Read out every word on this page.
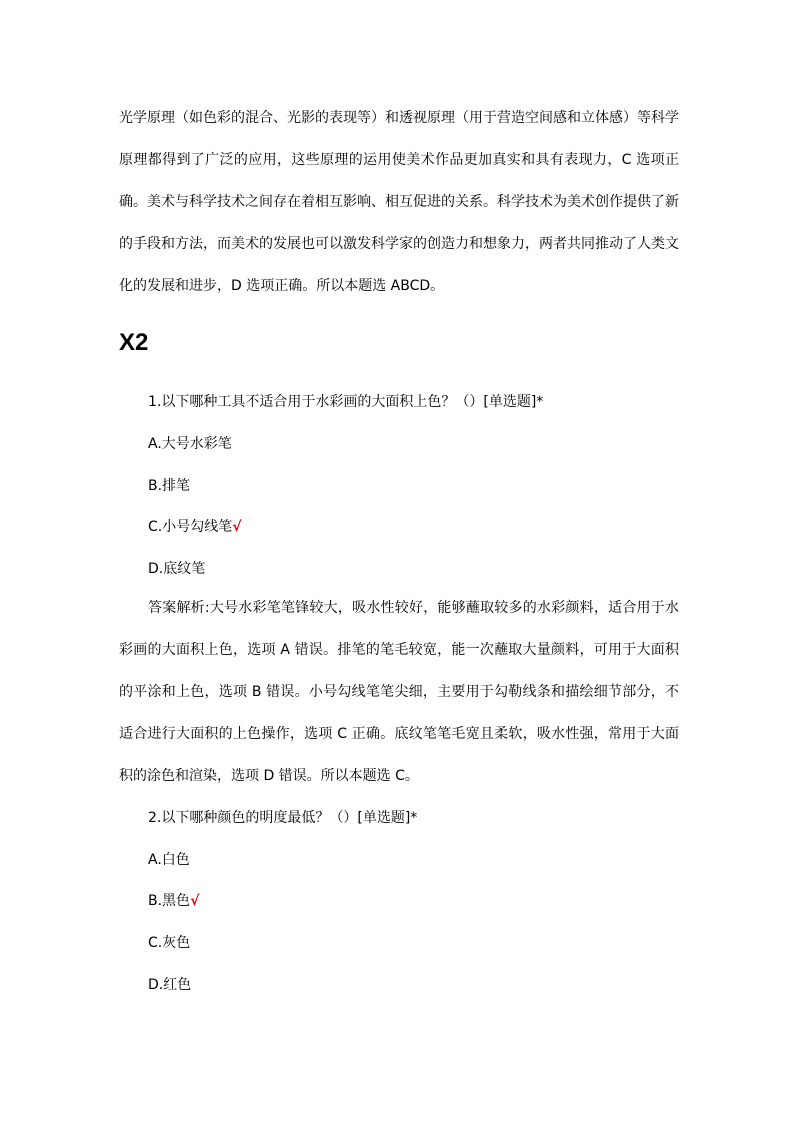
光学原理（如色彩的混合、光影的表现等）和透视原理（用于营造空间感和立体感）等科学原理都得到了广泛的应用，这些原理的运用使美术作品更加真实和具有表现力，C 选项正确。美术与科学技术之间存在着相互影响、相互促进的关系。科学技术为美术创作提供了新的手段和方法，而美术的发展也可以激发科学家的创造力和想象力，两者共同推动了人类文化的发展和进步，D 选项正确。所以本题选 ABCD。

X2
1.以下哪种工具不适合用于水彩画的大面积上色？（）[单选题]*
A.大号水彩笔
B.排笔
C.小号勾线笔√
D.底纹笔

答案解析:大号水彩笔笔锋较大，吸水性较好，能够蘸取较多的水彩颜料，适合用于水彩画的大面积上色，选项 A 错误。排笔的笔毛较宽，能一次蘸取大量颜料，可用于大面积的平涂和上色，选项 B 错误。小号勾线笔笔尖细，主要用于勾勒线条和描绘细节部分，不适合进行大面积的上色操作，选项 C 正确。底纹笔笔毛宽且柔软，吸水性强，常用于大面积的涂色和渲染，选项 D 错误。所以本题选 C。

2.以下哪种颜色的明度最低？（）[单选题]*
A.白色
B.黑色√
C.灰色
D.红色
